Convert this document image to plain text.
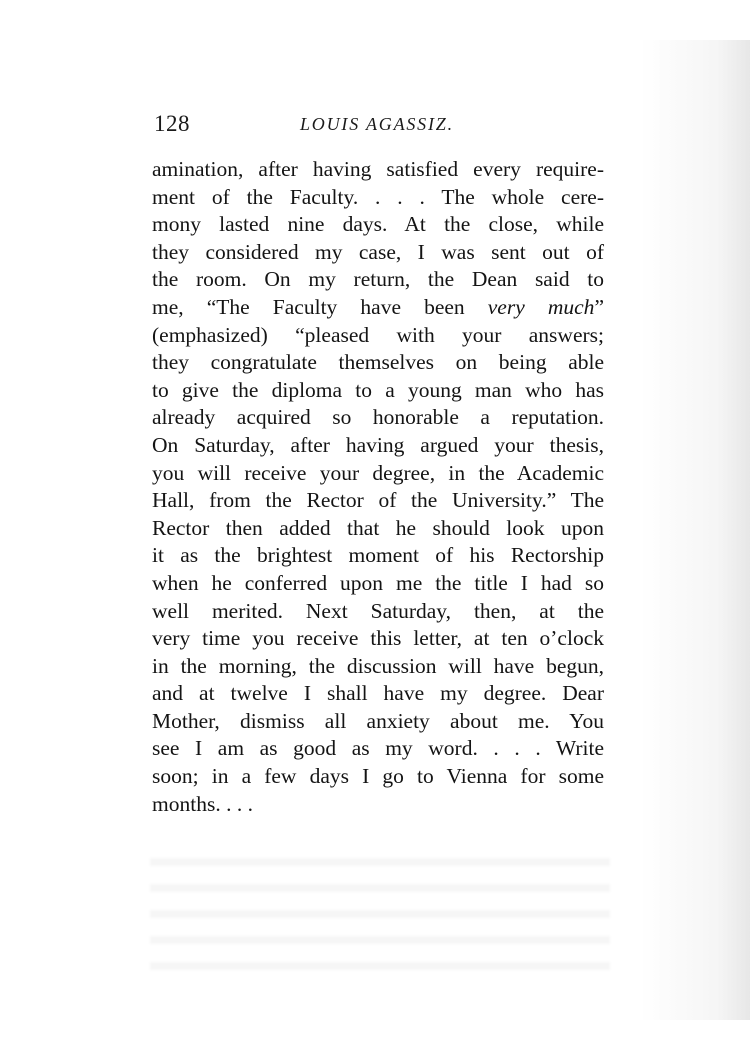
128	LOUIS AGASSIZ.
amination, after having satisfied every require-
ment of the Faculty. . . . The whole cere-
mony lasted nine days. At the close, while
they considered my case, I was sent out of
the room. On my return, the Dean said to
me, “The Faculty have been very much”
(emphasized) “pleased with your answers;
they congratulate themselves on being able
to give the diploma to a young man who has
already acquired so honorable a reputation.
On Saturday, after having argued your thesis,
you will receive your degree, in the Academic
Hall, from the Rector of the University.” The
Rector then added that he should look upon
it as the brightest moment of his Rectorship
when he conferred upon me the title I had so
well merited. Next Saturday, then, at the
very time you receive this letter, at ten o’clock
in the morning, the discussion will have begun,
and at twelve I shall have my degree. Dear
Mother, dismiss all anxiety about me. You
see I am as good as my word. . . . Write
soon; in a few days I go to Vienna for some
months. . . .
